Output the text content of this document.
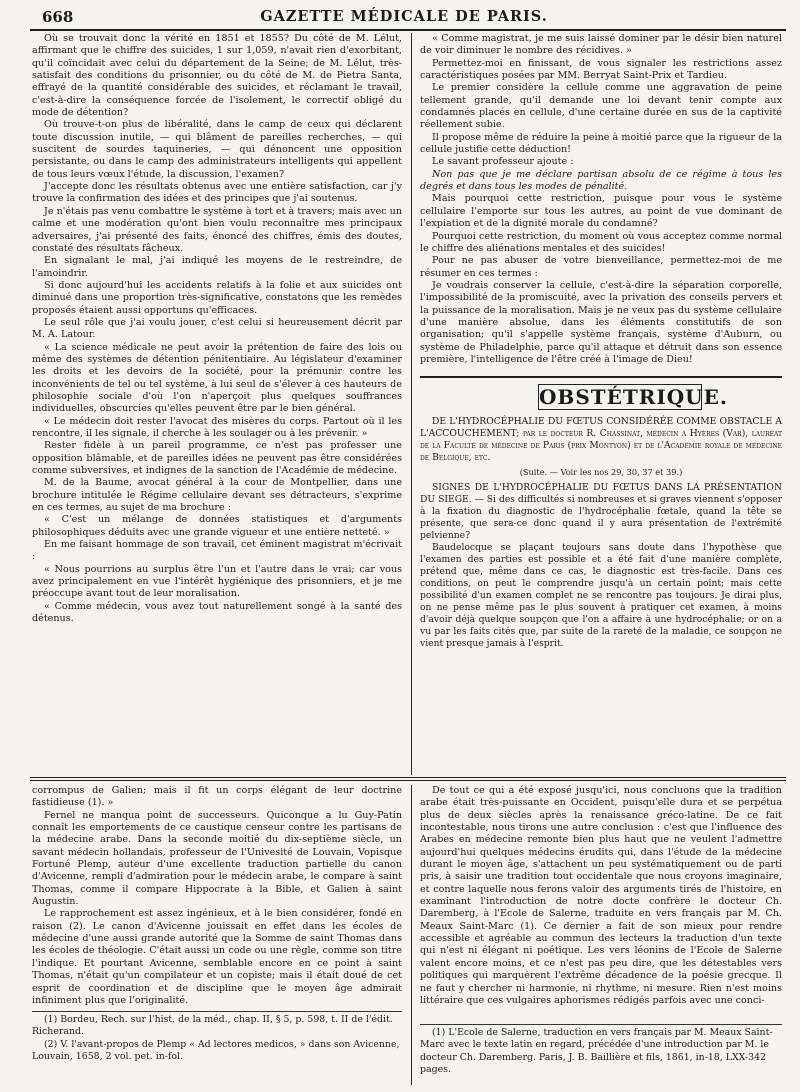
668	GAZETTE MÉDICALE DE PARIS.

Où se trouvait donc la vérité en 1851 et 1855? Du côté de M. Lélut, affirmant que le chiffre des suicides, 1 sur 1,059, n'avait rien d'exorbitant, qu'il coïncidait avec celui du département de la Seine; de M. Lélut, très-satisfait des conditions du prisonnier, ou du côté de M. de Pietra Santa, effrayé de la quantité considérable des suicides, et réclamant le travail, c'est-à-dire la conséquence forcée de l'isolement, le correctif obligé du mode de détention?

Où trouve-t-on plus de libéralité, dans le camp de ceux qui déclarent toute discussion inutile, — qui blâment de pareilles recherches, — qui suscitent de sourdes taquineries, — qui dénoncent une opposition persistante, ou dans le camp des administrateurs intelligents qui appellent de tous leurs vœux l'étude, la discussion, l'examen?

J'accepte donc les résultats obtenus avec une entière satisfaction, car j'y trouve la confirmation des idées et des principes que j'ai soutenus.

Je n'étais pas venu combattre le système à tort et à travers; mais avec un calme et une modération qu'ont bien voulu reconnaître mes principaux adversaires, j'ai présenté des faits, énoncé des chiffres, émis des doutes, constaté des résultats fâcheux.

En signalant le mal, j'ai indiqué les moyens de le restreindre, de l'amoindrir.

Si donc aujourd'hui les accidents relatifs à la folie et aux suicides ont diminué dans une proportion très-significative, constatons que les remèdes proposés étaient aussi opportuns qu'efficaces.

Le seul rôle que j'ai voulu jouer, c'est celui si heureusement décrit par M. A. Latour.

« La science médicale ne peut avoir la prétention de faire des lois ou même des systèmes de détention pénitentiaire. Au législateur d'examiner les droits et les devoirs de la société, pour la prémunir contre les inconvénients de tel ou tel système, à lui seul de s'élever à ces hauteurs de philosophie sociale d'où l'on n'aperçoit plus quelques souffrances individuelles, obscurcies qu'elles peuvent être par le bien général.

« Le médecin doit rester l'avocat des misères du corps. Partout où il les rencontre, il les signale, il cherche à les soulager ou à les prévenir. »

Rester fidèle à un pareil programme, ce n'est pas professer une opposition blâmable, et de pareilles idées ne peuvent pas être considérées comme subversives, et indignes de la sanction de l'Académie de médecine.

M. de la Baume, avocat général à la cour de Montpellier, dans une brochure intitulée le Régime cellulaire devant ses détracteurs, s'exprime en ces termes, au sujet de ma brochure :

« C'est un mélange de données statistiques et d'arguments philosophiques déduits avec une grande vigueur et une entière netteté. »

En me faisant hommage de son travail, cet éminent magistrat m'écrivait :

« Nous pourrions au surplus être l'un et l'autre dans le vrai; car vous avez principalement en vue l'intérêt hygiénique des prisonniers, et je me préoccupe avant tout de leur moralisation.

« Comme médecin, vous avez tout naturellement songé à la santé des détenus.

« Comme magistrat, je me suis laissé dominer par le désir bien naturel de voir diminuer le nombre des récidives. »

Permettez-moi en finissant, de vous signaler les restrictions assez caractéristiques posées par MM. Berryat Saint-Prix et Tardieu.

Le premier considère la cellule comme une aggravation de peine tellement grande, qu'il demande une loi devant tenir compte aux condamnés placés en cellule, d'une certaine durée en sus de la captivité réellement subie.

Il propose même de réduire la peine à moitié parce que la rigueur de la cellule justifie cette déduction!

Le savant professeur ajoute :

Non pas que je me déclare partisan absolu de ce régime à tous les degrés et dans tous les modes de pénalité.

Mais pourquoi cette restriction, puisque pour vous le système cellulaire l'emporte sur tous les autres, au point de vue dominant de l'expiation et de la dignité morale du condamné?

Pourquoi cette restriction, du moment où vous acceptez comme normal le chiffre des aliénations mentales et des suicides!

Pour ne pas abuser de votre bienveillance, permettez-moi de me résumer en ces termes :

Je voudrais conserver la cellule, c'est-à-dire la séparation corporelle, l'impossibilité de la promiscuité, avec la privation des conseils pervers et la puissance de la moralisation. Mais je ne veux pas du système cellulaire d'une manière absolue, dans les éléments constitutifs de son organisation; qu'il s'appelle système français, système d'Auburn, ou système de Philadelphie, parce qu'il attaque et détruit dans son essence première, l'intelligence de l'être créé à l'image de Dieu!

OBSTÉTRIQUE.

DE L'HYDROCÉPHALIE DU FŒTUS CONSIDÉRÉE COMME OBSTACLE A L'ACCOUCHEMENT; par le docteur R. Chassinat, médecin à Hyères (Var), lauréat de la Faculté de médecine de Paris (prix Montyon) et de l'Académie royale de médecine de Belgique, etc.

(Suite. — Voir les nos 29, 30, 37 et 39.)

SIGNES DE L'HYDROCÉPHALIE DU FŒTUS DANS LA PRÉSENTATION DU SIEGE. — Si des difficultés si nombreuses et si graves viennent s'opposer à la fixation du diagnostic de l'hydrocéphalie fœtale, quand la tête se présente, que sera-ce donc quand il y aura présentation de l'extrémité pelvienne?

Baudelocque se plaçant toujours sans doute dans l'hypothèse que l'examen des parties est possible et a été fait d'une manière complète, prétend que, même dans ce cas, le diagnostic est très-facile. Dans ces conditions, on peut le comprendre jusqu'à un certain point; mais cette possibilité d'un examen complet ne se rencontre pas toujours. Je dirai plus, on ne pense même pas le plus souvent à pratiquer cet examen, à moins d'avoir déjà quelque soupçon que l'on a affaire à une hydrocéphalie; or on a vu par les faits cités que, par suite de la rareté de la maladie, ce soupçon ne vient presque jamais à l'esprit.

corrompus de Galien; mais il fit un corps élégant de leur doctrine fastidieuse (1). »

Fernel ne manqua point de successeurs. Quiconque a lu Guy-Patin connaît les emportements de ce caustique censeur contre les partisans de la médecine arabe. Dans la seconde moitié du dix-septième siècle, un savant médecin hollandais, professeur de l'Univesité de Louvain, Vopisque Fortuné Plemp, auteur d'une excellente traduction partielle du canon d'Avicenne, rempli d'admiration pour le médecin arabe, le compare à saint Thomas, comme il compare Hippocrate à la Bible, et Galien à saint Augustin.

Le rapprochement est assez ingénieux, et à le bien considérer, fondé en raison (2). Le canon d'Avicenne jouissait en effet dans les écoles de médecine d'une aussi grande autorité que la Somme de saint Thomas dans les écoles de théologie. C'était aussi un code ou une règle, comme son titre l'indique. Et pourtant Avicenne, semblable encore en ce point à saint Thomas, n'était qu'un compilateur et un copiste; mais il était doué de cet esprit de coordination et de discipline que le moyen âge admirait infiniment plus que l'originalité.

De tout ce qui a été exposé jusqu'ici, nous concluons que la tradition arabe était très-puissante en Occident, puisqu'elle dura et se perpétua plus de deux siècles après la renaissance gréco-latine. De ce fait incontestable, nous tirons une autre conclusion : c'est que l'influence des Arabes en médecine remonte bien plus haut que ne veulent l'admettre aujourd'hui quelques médecins érudits qui, dans l'étude de la médecine durant le moyen âge, s'attachent un peu systématiquement ou de parti pris, à saisir une tradition tout occidentale que nous croyons imaginaire, et contre laquelle nous ferons valoir des arguments tirés de l'histoire, en examinant l'introduction de notre docte confrère le docteur Ch. Daremberg, à l'Ecole de Salerne, traduite en vers français par M. Ch. Meaux Saint-Marc (1). Ce dernier a fait de son mieux pour rendre accessible et agréable au commun des lecteurs la traduction d'un texte qui n'est ni élégant ni poétique. Les vers léonins de l'Ecole de Salerne valent encore moins, et ce n'est pas peu dire, que les détestables vers politiques qui marquèrent l'extrême décadence de la poésie grecque. Il ne faut y chercher ni harmonie, ni rhythme, ni mesure. Rien n'est moins littéraire que ces vulgaires aphorismes rédigés parfois avec une conci-

(1) Bordeu, Rech. sur l'hist. de la méd., chap. II, § 5, p. 598, t. II de l'édit. Richerand.

(2) V. l'avant-propos de Plemp « Ad lectores medicos, » dans son Avicenne, Louvain, 1658, 2 vol. pet. in-fol.

(1) L'Ecole de Salerne, traduction en vers français par M. Meaux Saint-Marc avec le texte latin en regard, précédée d'une introduction par M. le docteur Ch. Daremberg. Paris, J. B. Baillière et fils, 1861, in-18, LXX-342 pages.
